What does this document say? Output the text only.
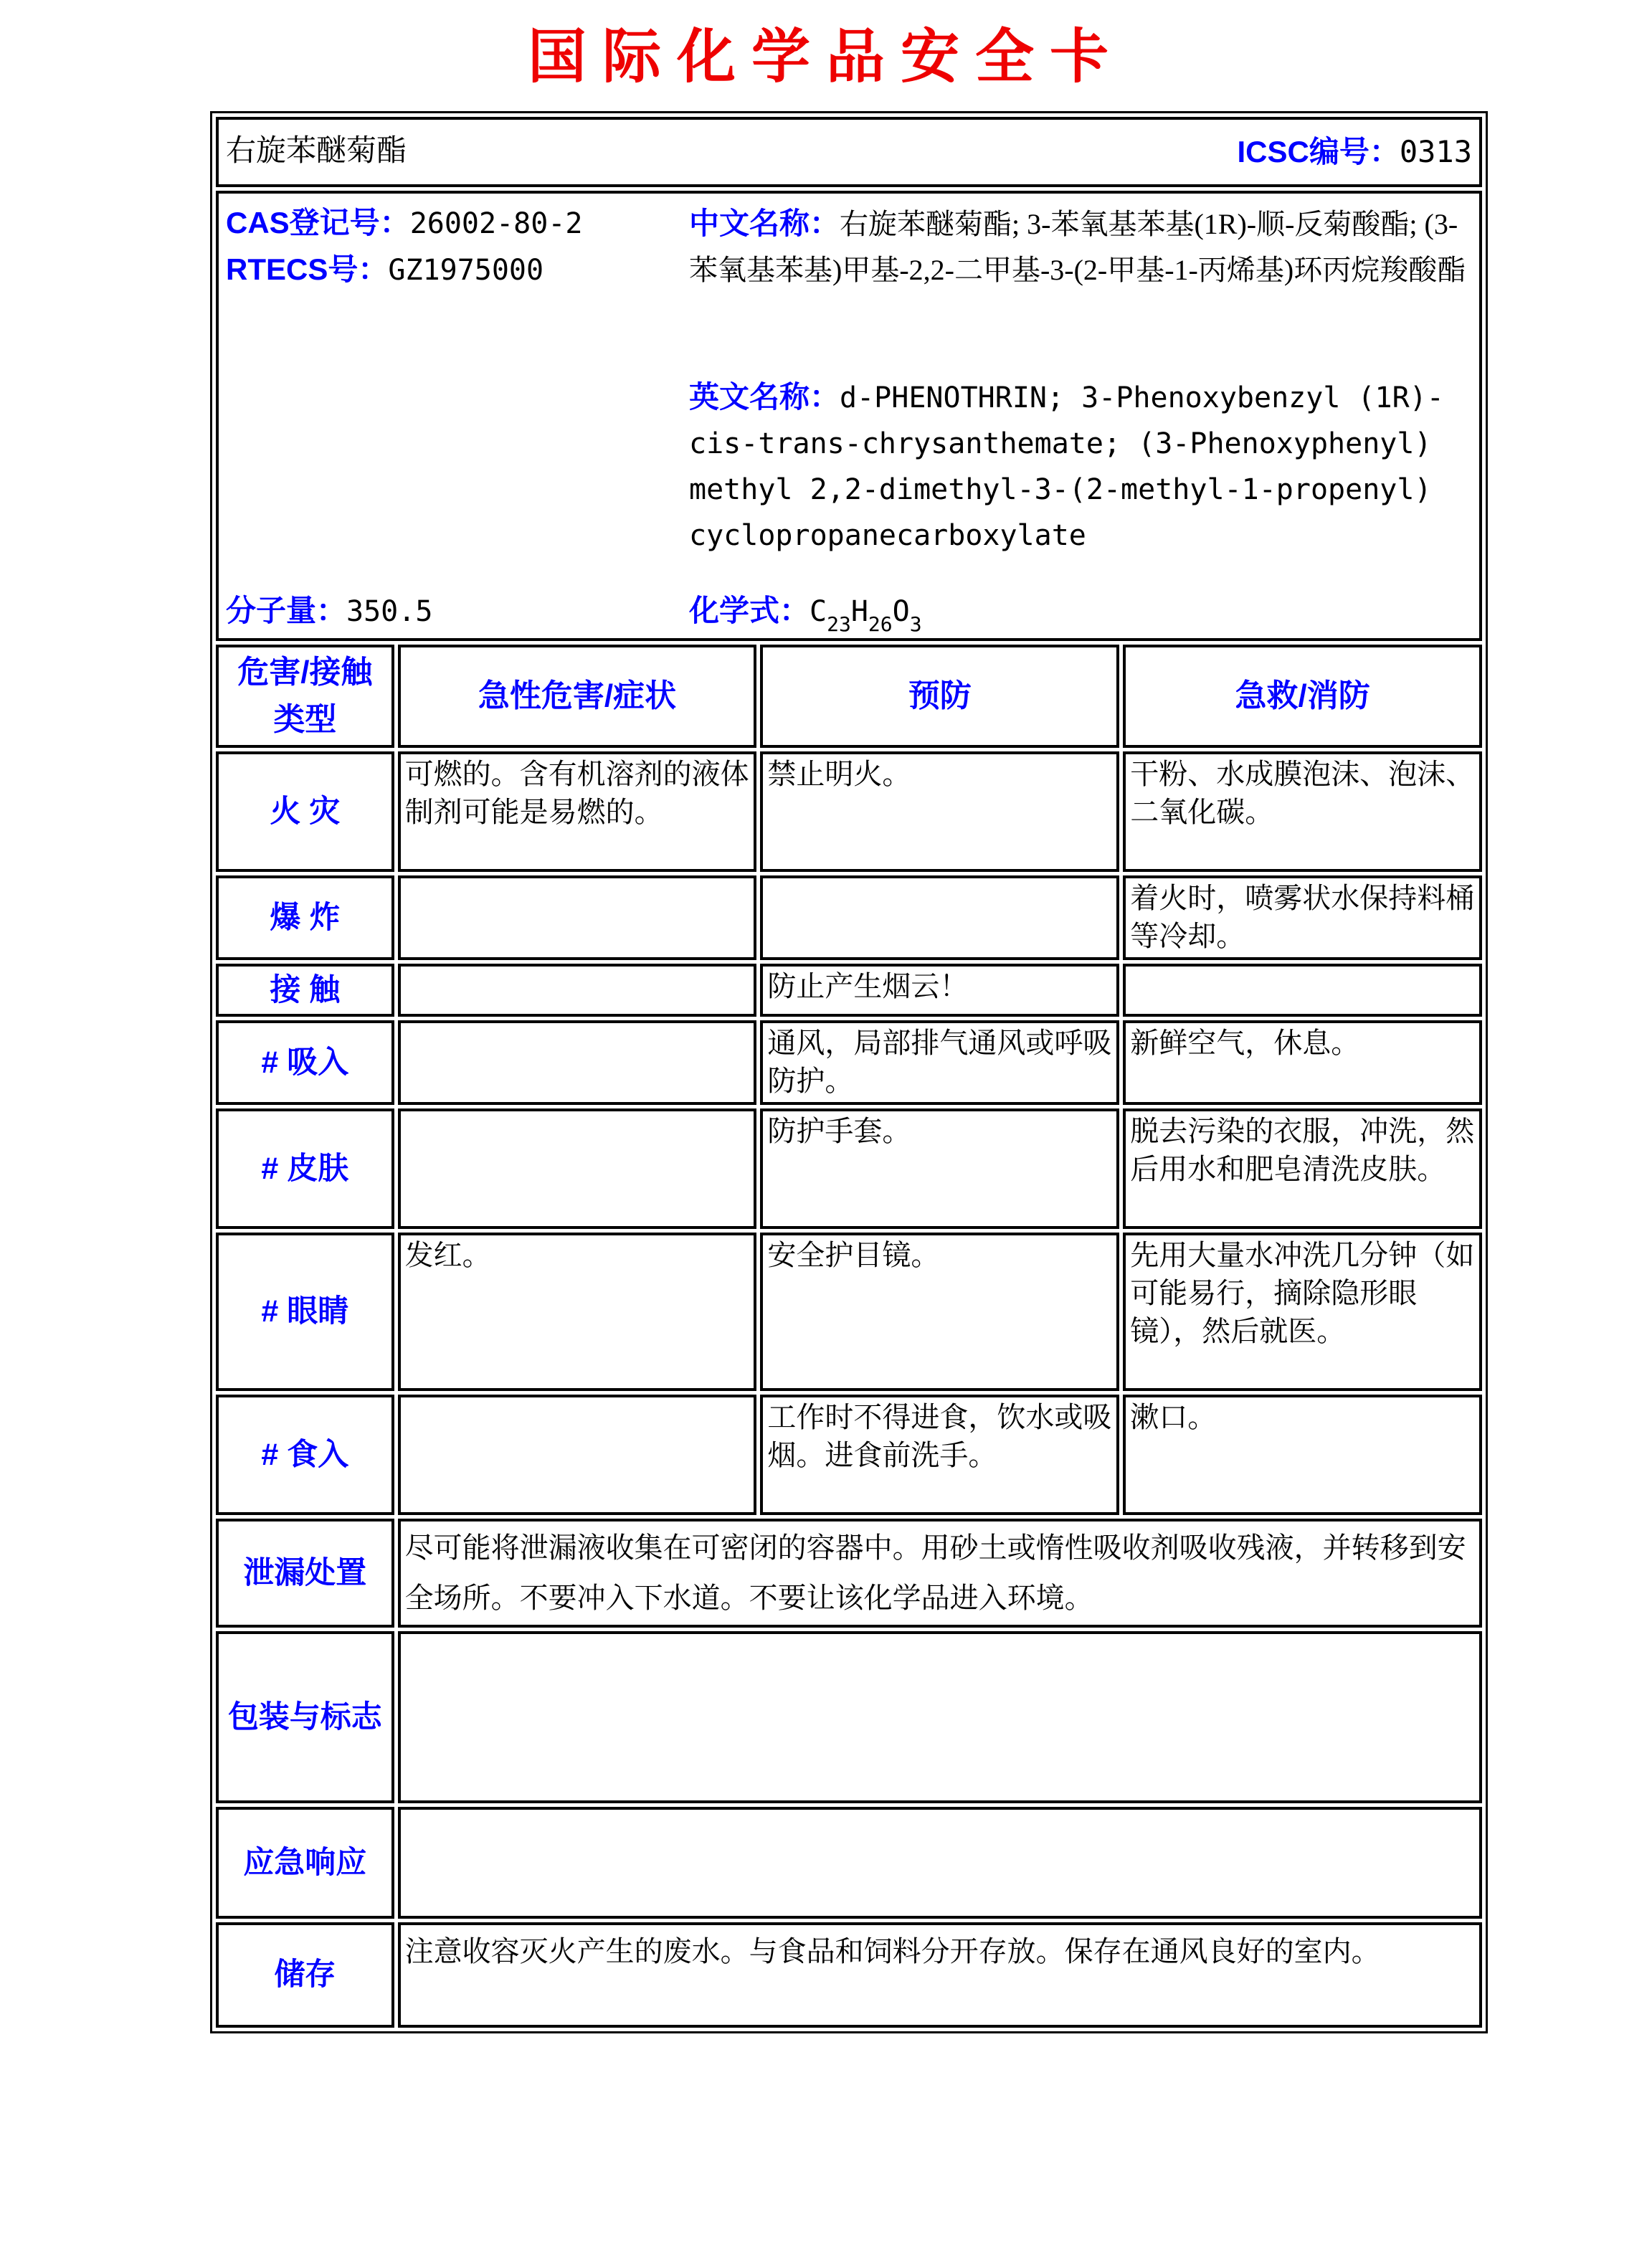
国际化学品安全卡
右旋苯醚菊酯 ICSC编号：0313			

CAS登记号：26002-80-2
RTECS号：GZ1975000
中文名称：右旋苯醚菊酯; 3-苯氧基苯基(1R)-顺-反菊酸酯; (3-苯氧基苯基)甲基-2,2-二甲基-3-(2-甲基-1-丙烯基)环丙烷羧酸酯
英文名称：d-PHENOTHRIN; 3-Phenoxybenzyl (1R)-cis-trans-chrysanthemate; (3-Phenoxyphenyl) methyl 2,2-dimethyl-3-(2-methyl-1-propenyl) cyclopropanecarboxylate
分子量：350.5	化学式：$C_{23}H_{26}O_3$

危害/接触类型	急性危害/症状	预防	急救/消防
火 灾	可燃的。含有机溶剂的液体制剂可能是易燃的。	禁止明火。	干粉、水成膜泡沫、泡沫、二氧化碳。
爆 炸			着火时，喷雾状水保持料桶等冷却。
接 触		防止产生烟云！	
# 吸入		通风，局部排气通风或呼吸防护。	新鲜空气，休息。
# 皮肤		防护手套。	脱去污染的衣服，冲洗，然后用水和肥皂清洗皮肤。
# 眼睛	发红。	安全护目镜。	先用大量水冲洗几分钟（如可能易行，摘除隐形眼镜），然后就医。
# 食入		工作时不得进食，饮水或吸烟。进食前洗手。	漱口。
泄漏处置	尽可能将泄漏液收集在可密闭的容器中。用砂土或惰性吸收剂吸收残液，并转移到安全场所。不要冲入下水道。不要让该化学品进入环境。		
包装与标志			
应急响应			
储存	注意收容灭火产生的废水。与食品和饲料分开存放。保存在通风良好的室内。		
